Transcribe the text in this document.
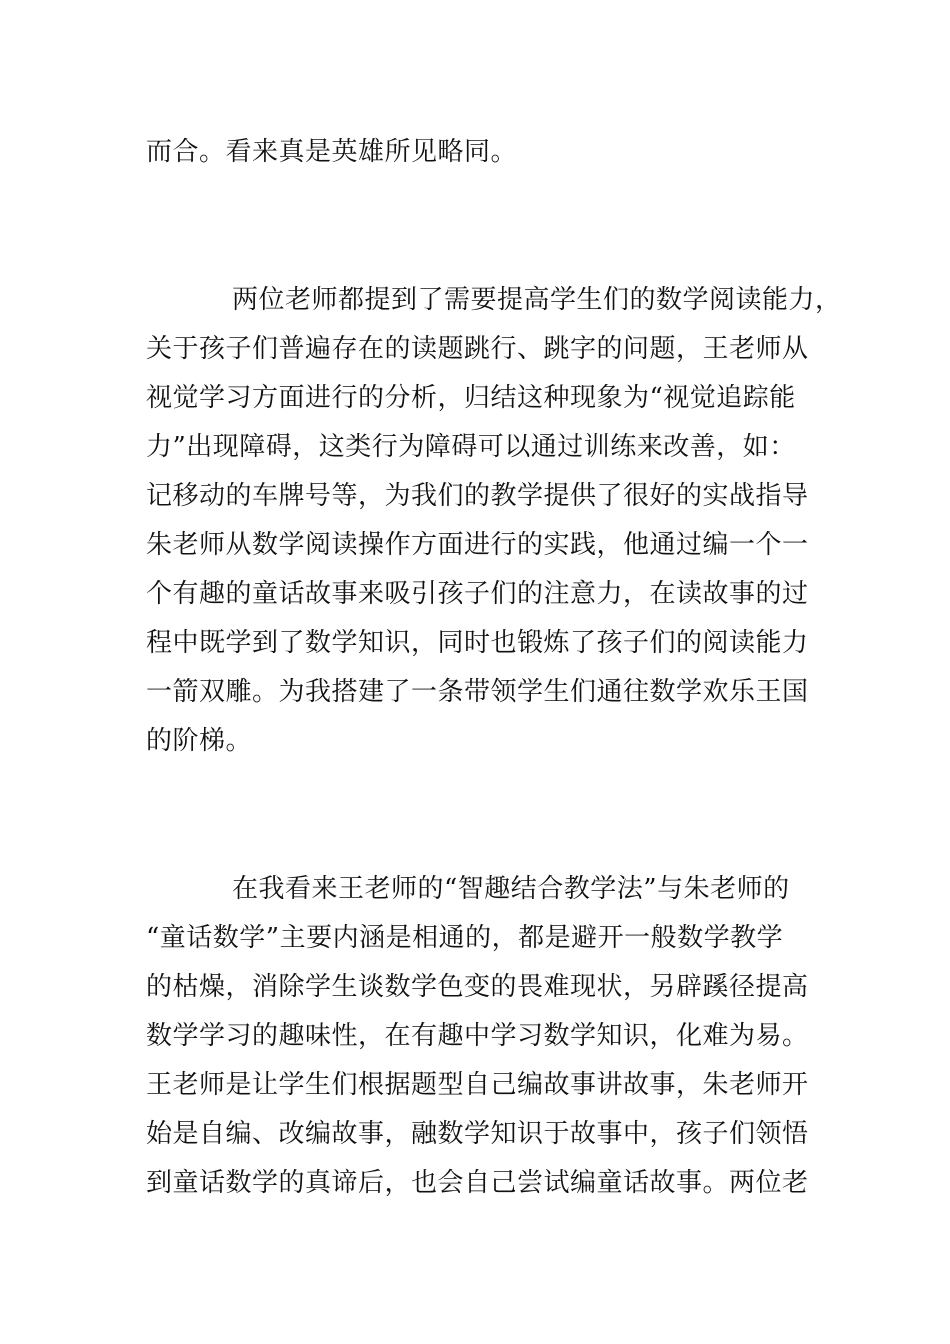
而合。看来真是英雄所见略同。
两位老师都提到了需要提高学生们的数学阅读能力，
关于孩子们普遍存在的读题跳行、跳字的问题，王老师从
视觉学习方面进行的分析，归结这种现象为“视觉追踪能
力”出现障碍，这类行为障碍可以通过训练来改善，如：
记移动的车牌号等，为我们的教学提供了很好的实战指导
朱老师从数学阅读操作方面进行的实践，他通过编一个一
个有趣的童话故事来吸引孩子们的注意力，在读故事的过
程中既学到了数学知识，同时也锻炼了孩子们的阅读能力
一箭双雕。为我搭建了一条带领学生们通往数学欢乐王国
的阶梯。
在我看来王老师的“智趣结合教学法”与朱老师的
“童话数学”主要内涵是相通的，都是避开一般数学教学
的枯燥，消除学生谈数学色变的畏难现状，另辟蹊径提高
数学学习的趣味性，在有趣中学习数学知识，化难为易。
王老师是让学生们根据题型自己编故事讲故事，朱老师开
始是自编、改编故事，融数学知识于故事中，孩子们领悟
到童话数学的真谛后，也会自己尝试编童话故事。两位老
